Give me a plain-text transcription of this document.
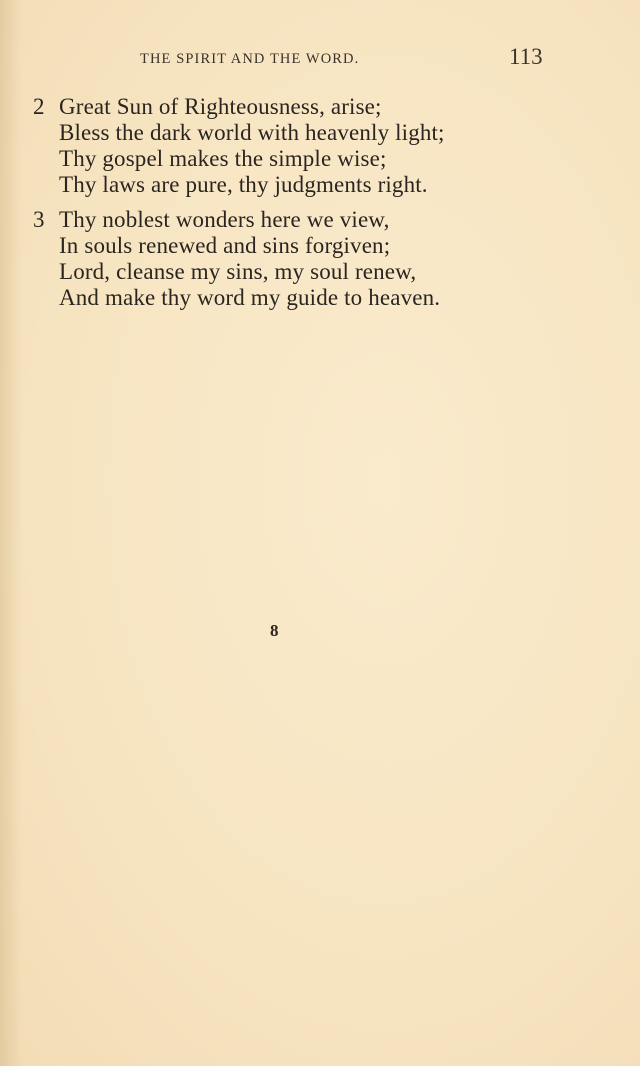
THE SPIRIT AND THE WORD.	113
2 Great Sun of Righteousness, arise;
Bless the dark world with heavenly light;
Thy gospel makes the simple wise;
Thy laws are pure, thy judgments right.
3 Thy noblest wonders here we view,
In souls renewed and sins forgiven;
Lord, cleanse my sins, my soul renew,
And make thy word my guide to heaven.
8
